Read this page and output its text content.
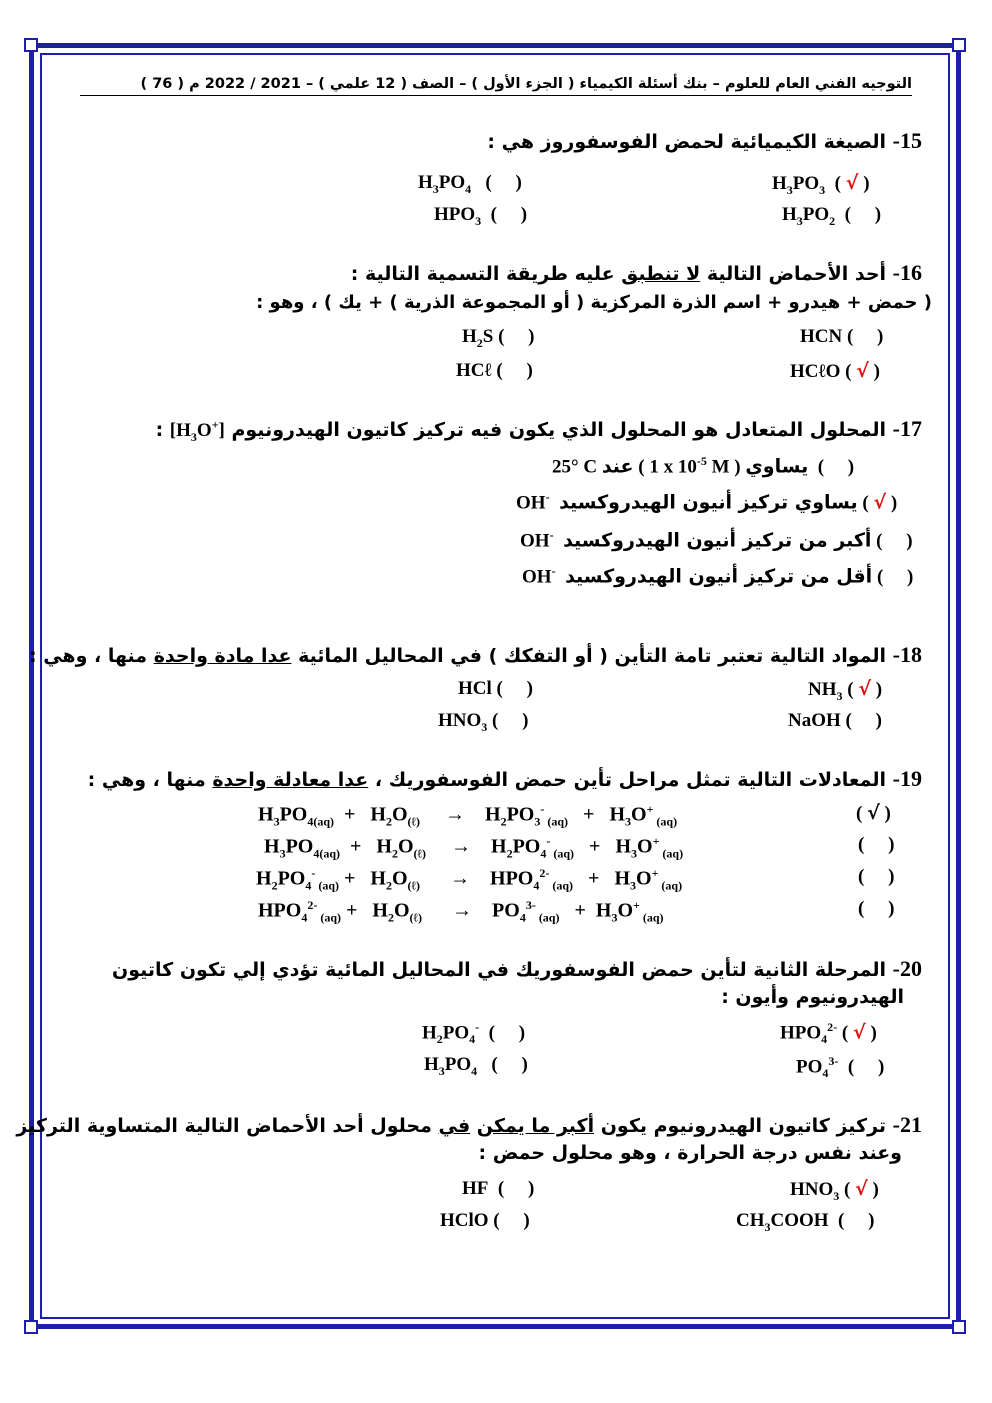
التوجيه الفني العام للعلوم – بنك أسئلة الكيمياء ( الجزء الأول ) – الصف ( 12 علمي ) – 2021 / 2022 م ( 76 )
15- الصيغة الكيميائية لحمض الفوسفوروز هي :
$H_3PO_3$  ( √ )
$H_3PO_4$   (     )
$H_3PO_2$  (     )
$HPO_3$  (     )
16- أحد الأحماض التالية لا تنطبق عليه طريقة التسمية التالية :
( حمض + هيدرو + اسم الذرة المركزية ( أو المجموعة الذرية ) + يك ) ، وهو :
HCN (     )
$H_2S$ (     )
HCℓO ( √ )
HCℓ (     )
17- المحلول المتعادل هو المحلول الذي يكون فيه تركيز كاتيون الهيدرونيوم $[H_3O^+]$ :
25° C عند ( 1 x $10^{-5}$ M ) يساوي  (     )
OH- يساوي تركيز أنيون الهيدروكسيد ( √ )
OH- أكبر من تركيز أنيون الهيدروكسيد (     )
OH- أقل من تركيز أنيون الهيدروكسيد (     )
18- المواد التالية تعتبر تامة التأين ( أو التفكك ) في المحاليل المائية عدا مادة واحدة منها ، وهي :
$NH_3$ ( √ )
HCl (     )
NaOH (     )
$HNO_3$ (     )
19- المعادلات التالية تمثل مراحل تأين حمض الفوسفوريك ، عدا معادلة واحدة منها ، وهي :
$H_3PO_{4(aq)} + H_2O_{(\ell)}$ →    $H_2PO_3^-$ $_{(aq)} + H_3O^+$ $_{(aq)}$	( √ )
$H_3PO_{4(aq)} + H_2O_{(\ell)}$ →    $H_2PO_4^-$ $_{(aq)} + H_3O^+$ $_{(aq)}$	(     )
$H_2PO_4^-$ $_{(aq)} + H_2O_{(\ell)}$ →    $HPO_4^{2-}$ $_{(aq)} + H_3O^+$ $_{(aq)}$	(     )
$HPO_4^{2-}$ $_{(aq)} + H_2O_{(\ell)}$ →    $PO_4^{3-}$ $_{(aq)} + H_3O^+$ $_{(aq)}$	(     )
20- المرحلة الثانية لتأين حمض الفوسفوريك في المحاليل المائية تؤدي إلي تكون كاتيون
الهيدرونيوم وأيون :
$HPO_4^{2-}$ ( √ )
$H_2PO_4^-$  (     )
$PO_4^{3-}$  (     )
$H_3PO_4$   (     )
21- تركيز كاتيون الهيدرونيوم يكون أكبر ما يمكن في محلول أحد الأحماض التالية المتساوية التركيز
وعند نفس درجة الحرارة ، وهو محلول حمض :
$HNO_3$ ( √ )
HF  (     )
$CH_3COOH$  (     )
HClO (     )
